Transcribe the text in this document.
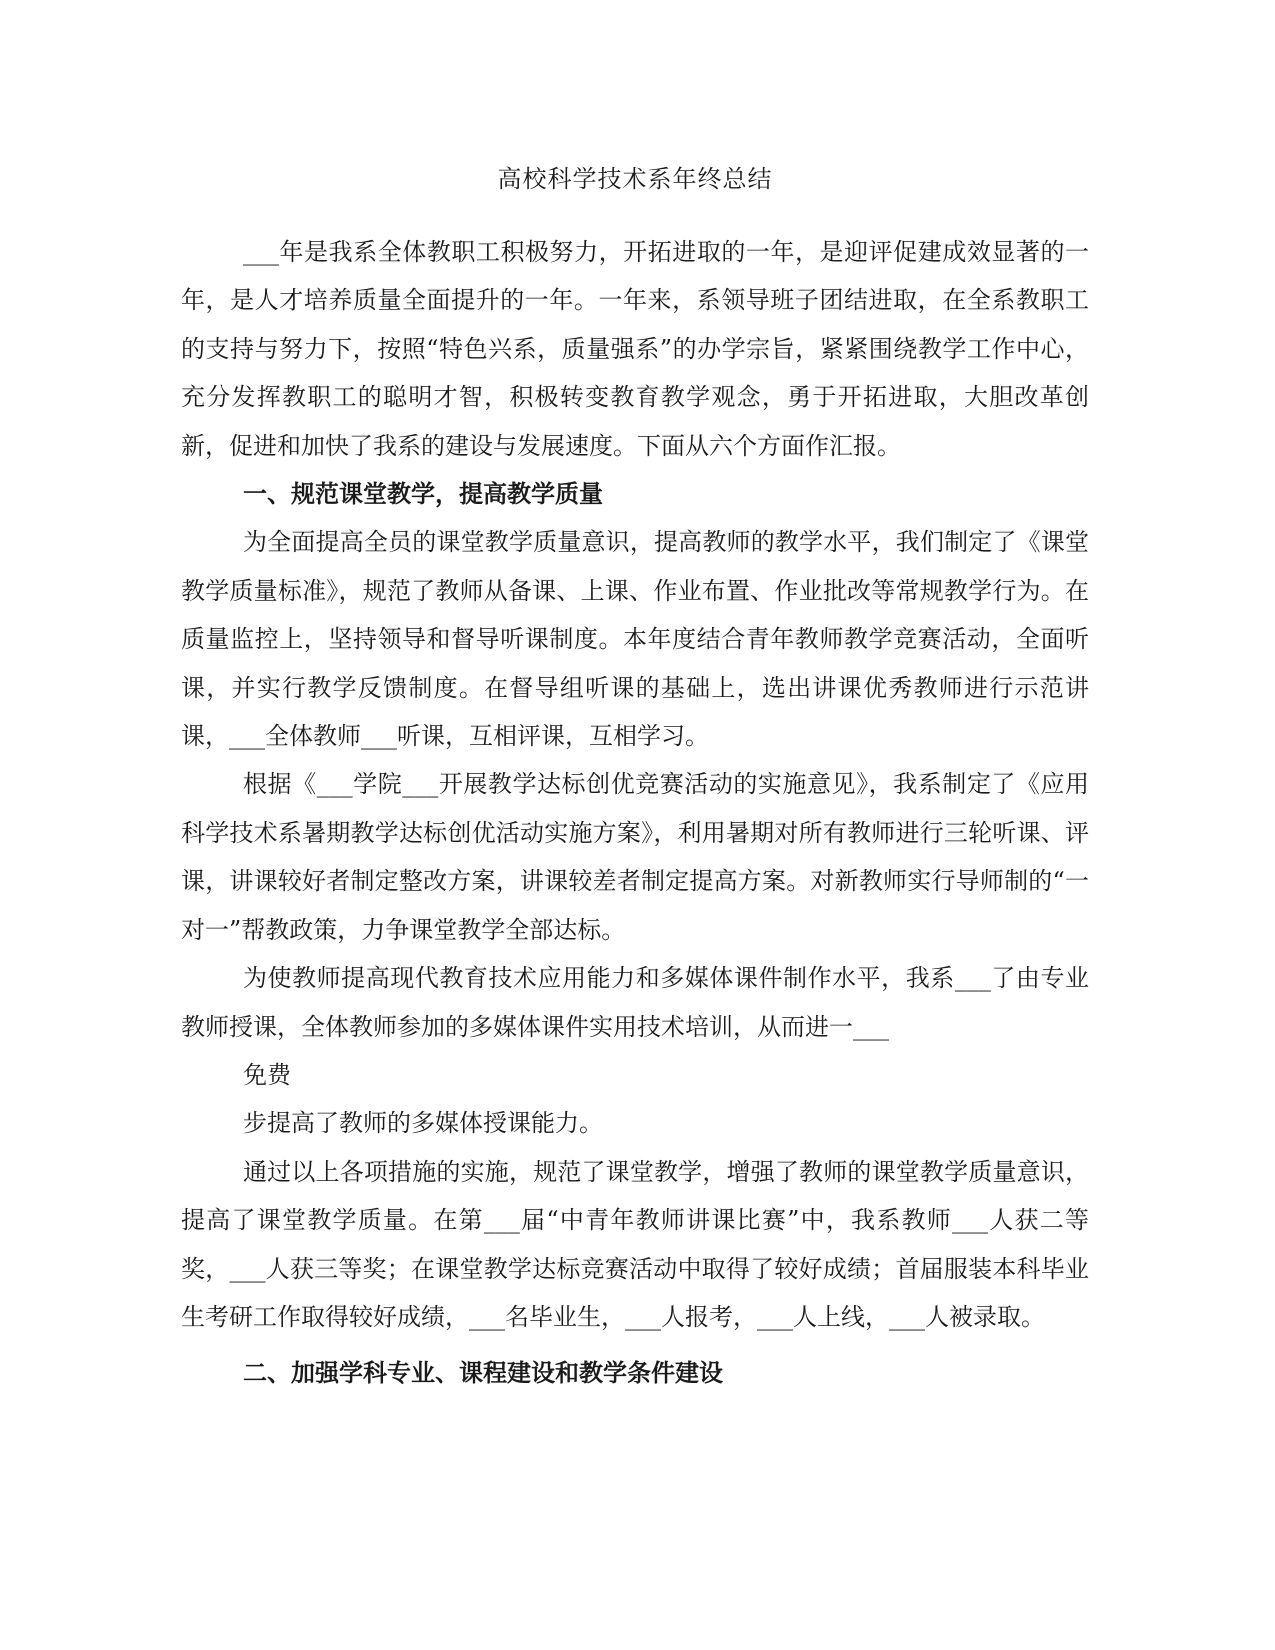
高校科学技术系年终总结

___年是我系全体教职工积极努力，开拓进取的一年，是迎评促建成效显著的一年，是人才培养质量全面提升的一年。一年来，系领导班子团结进取，在全系教职工的支持与努力下，按照“特色兴系，质量强系”的办学宗旨，紧紧围绕教学工作中心，充分发挥教职工的聪明才智，积极转变教育教学观念，勇于开拓进取，大胆改革创新，促进和加快了我系的建设与发展速度。下面从六个方面作汇报。

一、规范课堂教学，提高教学质量

为全面提高全员的课堂教学质量意识，提高教师的教学水平，我们制定了《课堂教学质量标准》，规范了教师从备课、上课、作业布置、作业批改等常规教学行为。在质量监控上，坚持领导和督导听课制度。本年度结合青年教师教学竞赛活动，全面听课，并实行教学反馈制度。在督导组听课的基础上，选出讲课优秀教师进行示范讲课，___全体教师___听课，互相评课，互相学习。

根据《___学院___开展教学达标创优竞赛活动的实施意见》，我系制定了《应用科学技术系暑期教学达标创优活动实施方案》，利用暑期对所有教师进行三轮听课、评课，讲课较好者制定整改方案，讲课较差者制定提高方案。对新教师实行导师制的“一对一”帮教政策，力争课堂教学全部达标。

为使教师提高现代教育技术应用能力和多媒体课件制作水平，我系___了由专业教师授课，全体教师参加的多媒体课件实用技术培训，从而进一___

免费

步提高了教师的多媒体授课能力。

通过以上各项措施的实施，规范了课堂教学，增强了教师的课堂教学质量意识，提高了课堂教学质量。在第___届“中青年教师讲课比赛”中，我系教师___人获二等奖，___人获三等奖；在课堂教学达标竞赛活动中取得了较好成绩；首届服装本科毕业生考研工作取得较好成绩，___名毕业生，___人报考，___人上线，___人被录取。

二、加强学科专业、课程建设和教学条件建设
